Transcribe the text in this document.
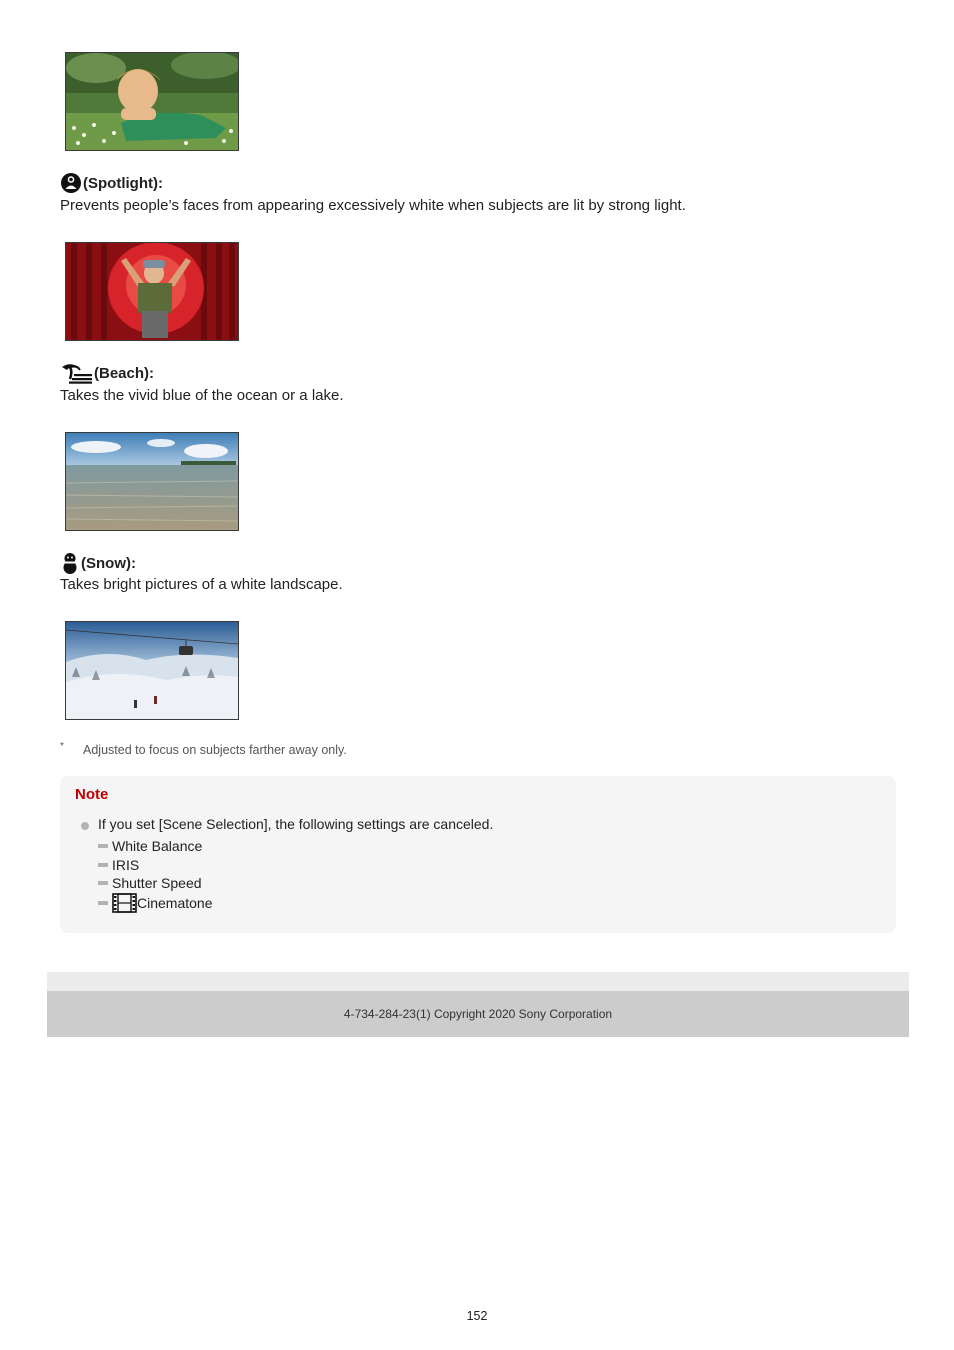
(Spotlight):
Prevents people’s faces from appearing excessively white when subjects are lit by strong light.
(Beach):
Takes the vivid blue of the ocean or a lake.
(Snow):
Takes bright pictures of a white landscape.
* Adjusted to focus on subjects farther away only.
Note
If you set [Scene Selection], the following settings are canceled.
White Balance
IRIS
Shutter Speed
Cinematone
4-734-284-23(1) Copyright 2020 Sony Corporation
152
